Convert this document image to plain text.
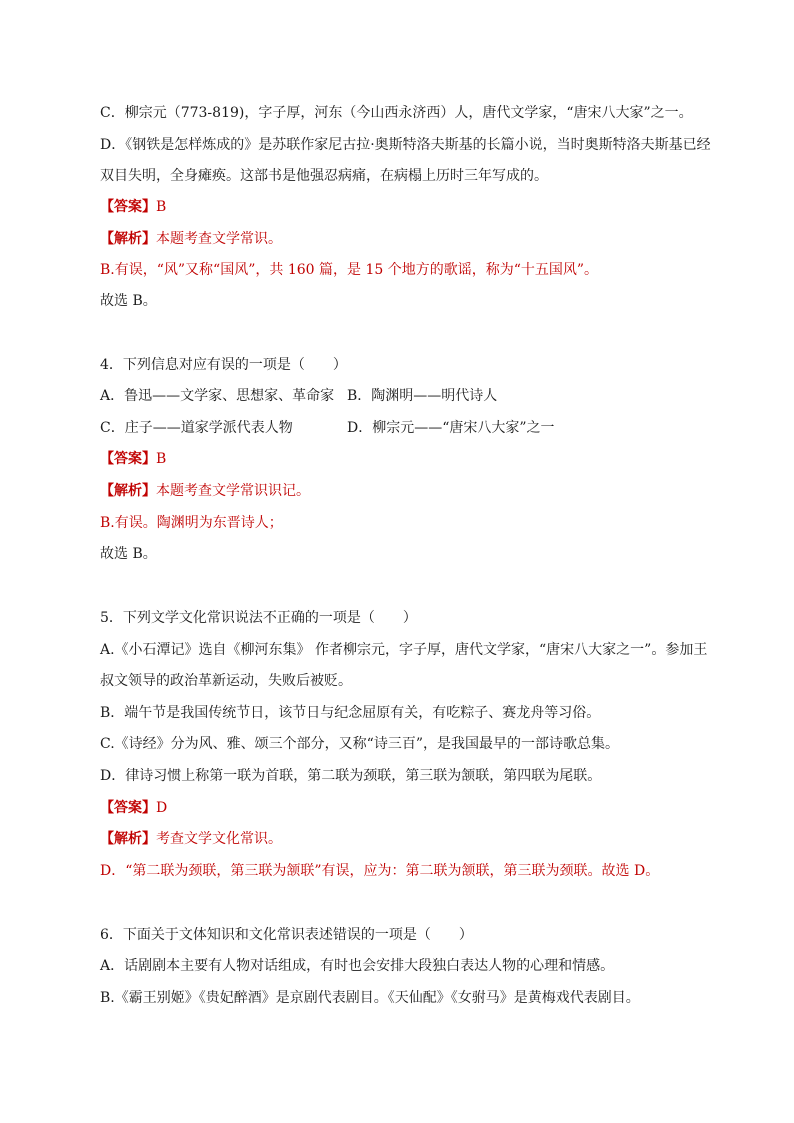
C．柳宗元（773-819)，字子厚，河东（今山西永济西）人，唐代文学家，“唐宋八大家”之一。
D．《钢铁是怎样炼成的》是苏联作家尼古拉·奥斯特洛夫斯基的长篇小说，当时奥斯特洛夫斯基已经
双目失明，全身瘫痪。这部书是他强忍病痛，在病榻上历时三年写成的。
【答案】B
【解析】本题考查文学常识。
B.有误，“风”又称“国风”，共 160 篇，是 15 个地方的歌谣，称为“十五国风”。
故选 B。
4．下列信息对应有误的一项是（　　）
A．鲁迅——文学家、思想家、革命家 B．陶渊明——明代诗人
C．庄子——道家学派代表人物	D．柳宗元——“唐宋八大家”之一
【答案】B
【解析】本题考查文学常识识记。
B.有误。陶渊明为东晋诗人；
故选 B。
5．下列文学文化常识说法不正确的一项是（　　）
A.《小石潭记》选自《柳河东集》 作者柳宗元，字子厚，唐代文学家，“唐宋八大家之一”。参加王
叔文领导的政治革新运动，失败后被贬。
B．端午节是我国传统节日，该节日与纪念屈原有关，有吃粽子、赛龙舟等习俗。
C.《诗经》分为风、雅、颂三个部分，又称“诗三百”，是我国最早的一部诗歌总集。
D．律诗习惯上称第一联为首联，第二联为颈联，第三联为颔联，第四联为尾联。
【答案】D
【解析】考查文学文化常识。
D．“第二联为颈联，第三联为颔联”有误，应为：第二联为颔联，第三联为颈联。故选 D。
6．下面关于文体知识和文化常识表述错误的一项是（　　）
A．话剧剧本主要有人物对话组成，有时也会安排大段独白表达人物的心理和情感。
B.《霸王别姬》《贵妃醉酒》是京剧代表剧目。《天仙配》《女驸马》是黄梅戏代表剧目。
